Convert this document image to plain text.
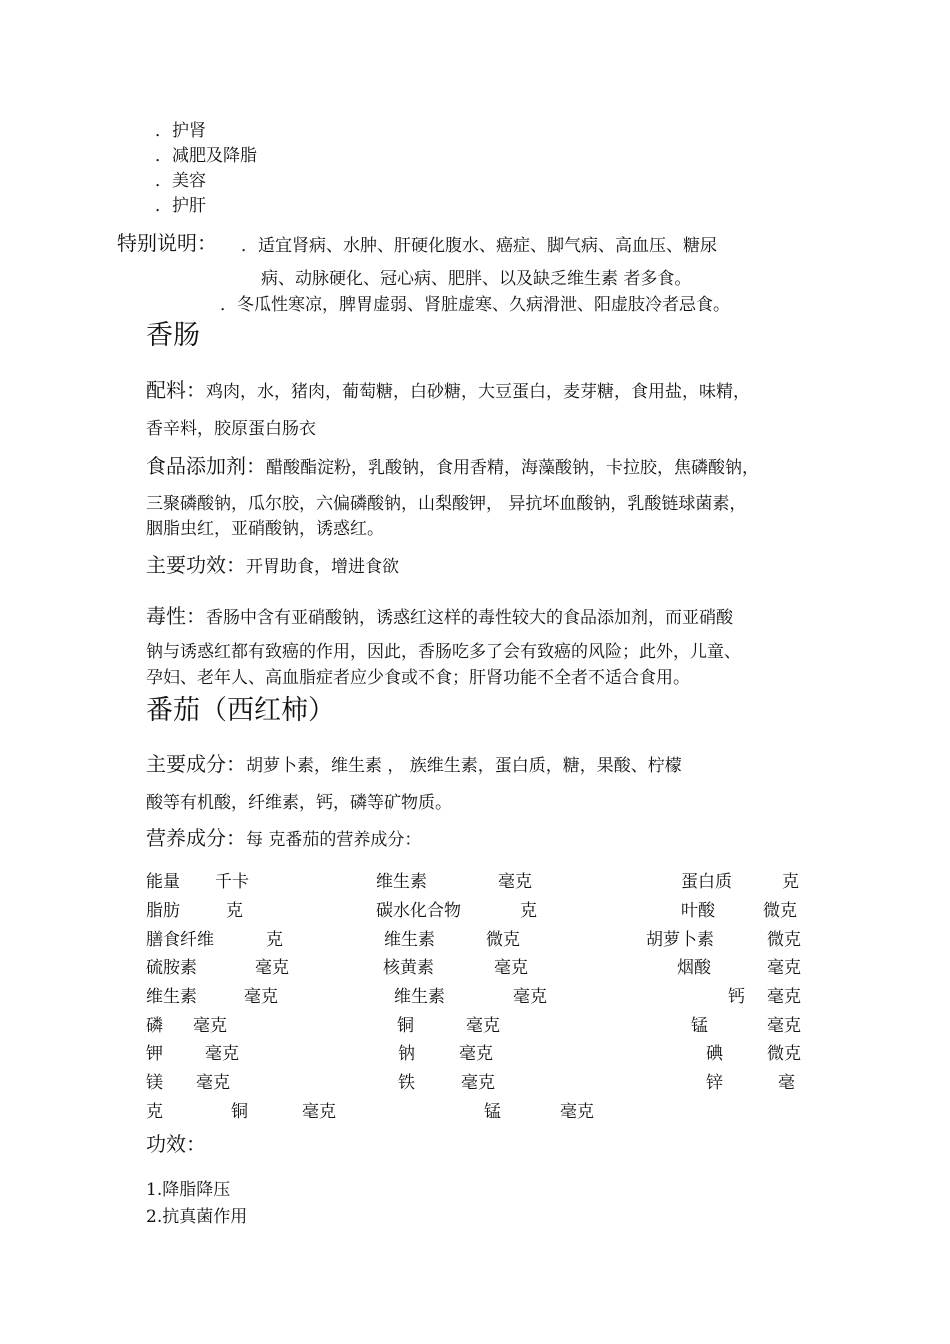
．护肾
．减肥及降脂
．美容
．护肝
特别说明： ．适宜肾病、水肿、肝硬化腹水、癌症、脚气病、高血压、糖尿
病、动脉硬化、冠心病、肥胖、以及缺乏维生素 者多食。
．冬瓜性寒凉，脾胃虚弱、肾脏虚寒、久病滑泄、阳虚肢冷者忌食。
香肠
配料：鸡肉，水，猪肉，葡萄糖，白砂糖，大豆蛋白，麦芽糖，食用盐，味精，
香辛料，胶原蛋白肠衣
食品添加剂：醋酸酯淀粉，乳酸钠，食用香精，海藻酸钠，卡拉胶，焦磷酸钠，
三聚磷酸钠，瓜尔胶，六偏磷酸钠，山梨酸钾， 异抗坏血酸钠，乳酸链球菌素，
胭脂虫红，亚硝酸钠，诱惑红。
主要功效：开胃助食，增进食欲
毒性：香肠中含有亚硝酸钠，诱惑红这样的毒性较大的食品添加剂，而亚硝酸
钠与诱惑红都有致癌的作用，因此，香肠吃多了会有致癌的风险；此外，儿童、
孕妇、老年人、高血脂症者应少食或不食；肝肾功能不全者不适合食用。
番茄（西红柿）
主要成分：胡萝卜素，维生素 ， 族维生素，蛋白质，糖，果酸、柠檬
酸等有机酸，纤维素，钙，磷等矿物质。
营养成分：每 克番茄的营养成分：
能量 千卡	维生素	毫克	蛋白质	克
脂肪	克	碳水化合物	克	叶酸	微克
膳食纤维	克	维生素	微克	胡萝卜素	微克
硫胺素	毫克	核黄素	毫克	烟酸	毫克
维生素	毫克	维生素	毫克	钙 毫克
磷 毫克	铜	毫克	锰	毫克
钾 毫克	钠	毫克	碘	微克
镁 毫克	铁	毫克	锌	毫
克	铜	毫克	锰	毫克
功效：
1.降脂降压
2.抗真菌作用
